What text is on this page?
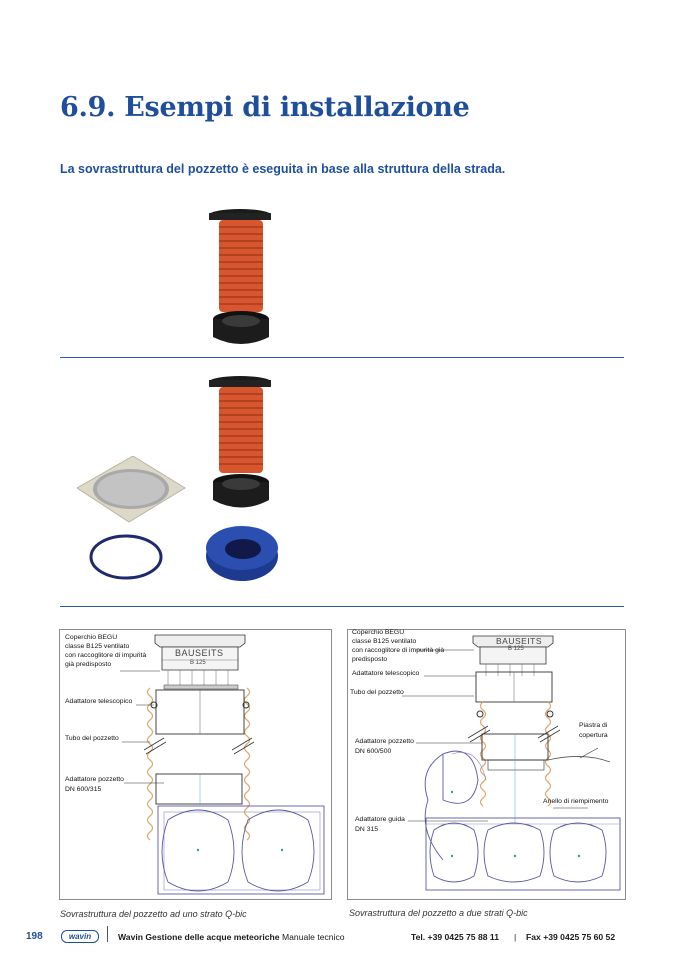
6.9. Esempi di installazione
La sovrastruttura del pozzetto è eseguita in base alla struttura della strada.
BAUSEITS
B 125
Coperchio BEGU
classe B125 ventilato
con raccoglitore di impurità
già predisposto
Adattatore telescopico
Tubo del pozzetto
Adattatore pozzetto
DN 600/315
BAUSEITS
B 125
Coperchio BEGU
classe B125 ventilato
con raccoglitore di impurità già
predisposto
Adattatore telescopico
Tubo del pozzetto
Piastra di
copertura
Adattatore pozzetto
DN 600/500
Anello di riempimento
Adattatore guida
DN 315
Sovrastruttura del pozzetto ad uno strato Q-bic	Sovrastruttura del pozzetto a due strati Q-bic
198	wavin	Wavin Gestione delle acque meteoriche Manuale tecnico	Tel. +39 0425 75 88 11 | Fax +39 0425 75 60 52
